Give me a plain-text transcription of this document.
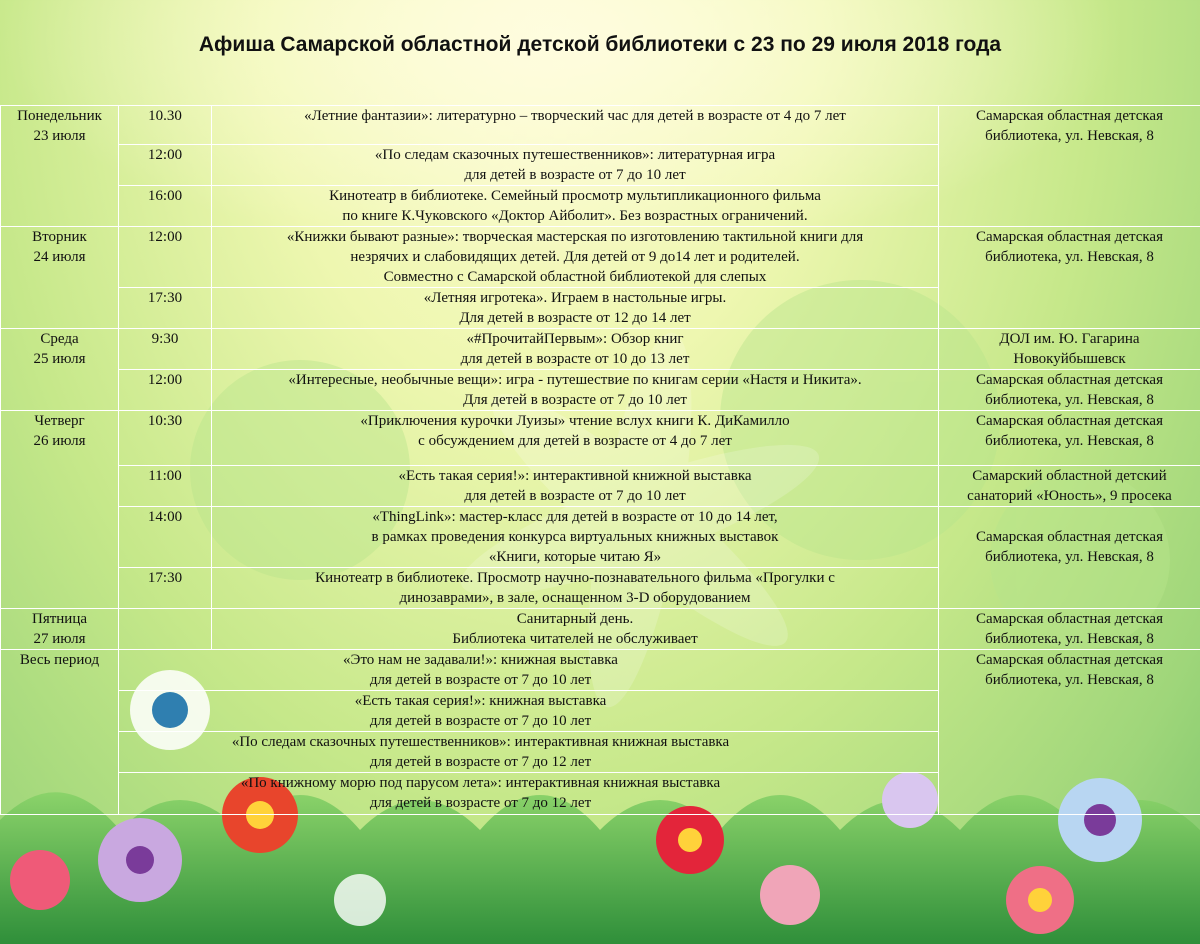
Афиша Самарской областной детской библиотеки с 23 по 29 июля 2018 года
Понедельник
23 июля	10.30	«Летние фантазии»: литературно – творческий час для детей в возрасте от 4 до 7 лет	Самарская областная детская
библиотека, ул. Невская, 8

	12:00	«По следам сказочных путешественников»: литературная игра
для детей в возрасте от 7 до 10 лет	

	16:00	Кинотеатр в библиотеке. Семейный просмотр мультипликационного фильма
по книге К.Чуковского «Доктор Айболит». Без возрастных ограничений.	

Вторник
24 июля	12:00	«Книжки бывают разные»: творческая мастерская по изготовлению тактильной книги для
незрячих и слабовидящих детей. Для детей от 9 до14 лет и родителей.
Совместно с Самарской областной библиотекой для слепых	Самарская областная детская
библиотека, ул. Невская, 8

	17:30	«Летняя игротека». Играем в настольные игры.
Для детей в возрасте от 12 до 14 лет	

Среда
25 июля	9:30	«#ПрочитайПервым»: Обзор книг
для детей в возрасте от 10 до 13 лет	ДОЛ им. Ю. Гагарина
Новокуйбышевск

	12:00	«Интересные, необычные вещи»: игра - путешествие по книгам серии «Настя и Никита».
Для детей в возрасте от 7 до 10 лет	Самарская областная детская
библиотека, ул. Невская, 8

Четверг
26 июля	10:30	«Приключения курочки Луизы» чтение вслух книги К. ДиКамилло
с обсуждением для детей в возрасте от 4 до 7 лет	Самарская областная детская
библиотека, ул. Невская, 8

	11:00	«Есть такая серия!»: интерактивной книжной выставка
для детей в возрасте от 7 до 10 лет	Самарский областной детский
санаторий «Юность», 9 просека

	14:00	«ThingLink»: мастер-класс для детей в возрасте от 10 до 14 лет,
в рамках проведения конкурса виртуальных книжных выставок
«Книги, которые читаю Я»	Самарская областная детская
библиотека, ул. Невская, 8

	17:30	Кинотеатр в библиотеке. Просмотр научно-познавательного фильма «Прогулки с
динозаврами», в зале, оснащенном 3-D оборудованием	

Пятница
27 июля		Санитарный день.
Библиотека читателей не обслуживает	Самарская областная детская
библиотека, ул. Невская, 8

Весь период	«Это нам не задавали!»: книжная выставка
для детей в возрасте от 7 до 10 лет		Самарская областная детская
библиотека, ул. Невская, 8

	«Есть такая серия!»: книжная выставка
для детей в возрасте от 7 до 10 лет		

	«По следам сказочных путешественников»: интерактивная книжная выставка
для детей в возрасте от 7 до 12 лет		

	«По книжному морю под парусом лета»: интерактивная книжная выставка
для детей в возрасте от 7 до 12 лет		
